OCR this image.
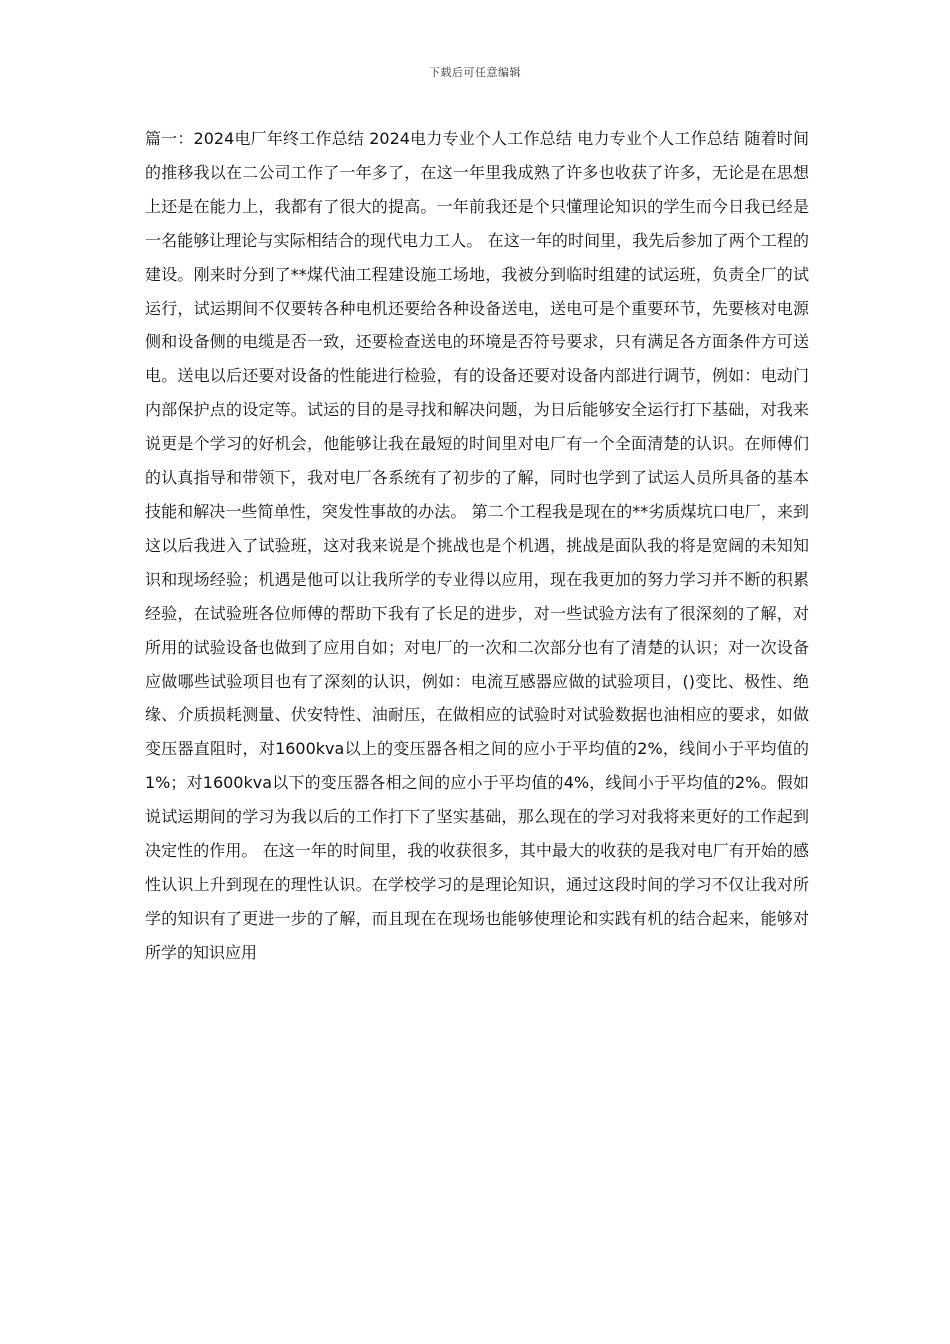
下载后可任意编辑

篇一：2024电厂年终工作总结 2024电力专业个人工作总结 电力专业个人工作总结 随着时间的推移我以在二公司工作了一年多了，在这一年里我成熟了许多也收获了许多，无论是在思想上还是在能力上，我都有了很大的提高。一年前我还是个只懂理论知识的学生而今日我已经是一名能够让理论与实际相结合的现代电力工人。 在这一年的时间里，我先后参加了两个工程的建设。刚来时分到了**煤代油工程建设施工场地，我被分到临时组建的试运班，负责全厂的试运行，试运期间不仅要转各种电机还要给各种设备送电，送电可是个重要环节，先要核对电源侧和设备侧的电缆是否一致，还要检查送电的环境是否符号要求，只有满足各方面条件方可送电。送电以后还要对设备的性能进行检验，有的设备还要对设备内部进行调节，例如：电动门内部保护点的设定等。试运的目的是寻找和解决问题，为日后能够安全运行打下基础，对我来说更是个学习的好机会，他能够让我在最短的时间里对电厂有一个全面清楚的认识。在师傅们的认真指导和带领下，我对电厂各系统有了初步的了解，同时也学到了试运人员所具备的基本技能和解决一些简单性，突发性事故的办法。 第二个工程我是现在的**劣质煤坑口电厂，来到这以后我进入了试验班，这对我来说是个挑战也是个机遇，挑战是面队我的将是宽阔的未知知识和现场经验；机遇是他可以让我所学的专业得以应用，现在我更加的努力学习并不断的积累经验，在试验班各位师傅的帮助下我有了长足的进步，对一些试验方法有了很深刻的了解，对所用的试验设备也做到了应用自如；对电厂的一次和二次部分也有了清楚的认识；对一次设备应做哪些试验项目也有了深刻的认识，例如：电流互感器应做的试验项目，()变比、极性、绝缘、介质损耗测量、伏安特性、油耐压，在做相应的试验时对试验数据也油相应的要求，如做变压器直阻时，对1600kva以上的变压器各相之间的应小于平均值的2%，线间小于平均值的1%；对1600kva以下的变压器各相之间的应小于平均值的4%，线间小于平均值的2%。假如说试运期间的学习为我以后的工作打下了坚实基础，那么现在的学习对我将来更好的工作起到决定性的作用。 在这一年的时间里，我的收获很多，其中最大的收获的是我对电厂有开始的感性认识上升到现在的理性认识。在学校学习的是理论知识，通过这段时间的学习不仅让我对所学的知识有了更进一步的了解，而且现在在现场也能够使理论和实践有机的结合起来，能够对所学的知识应用
